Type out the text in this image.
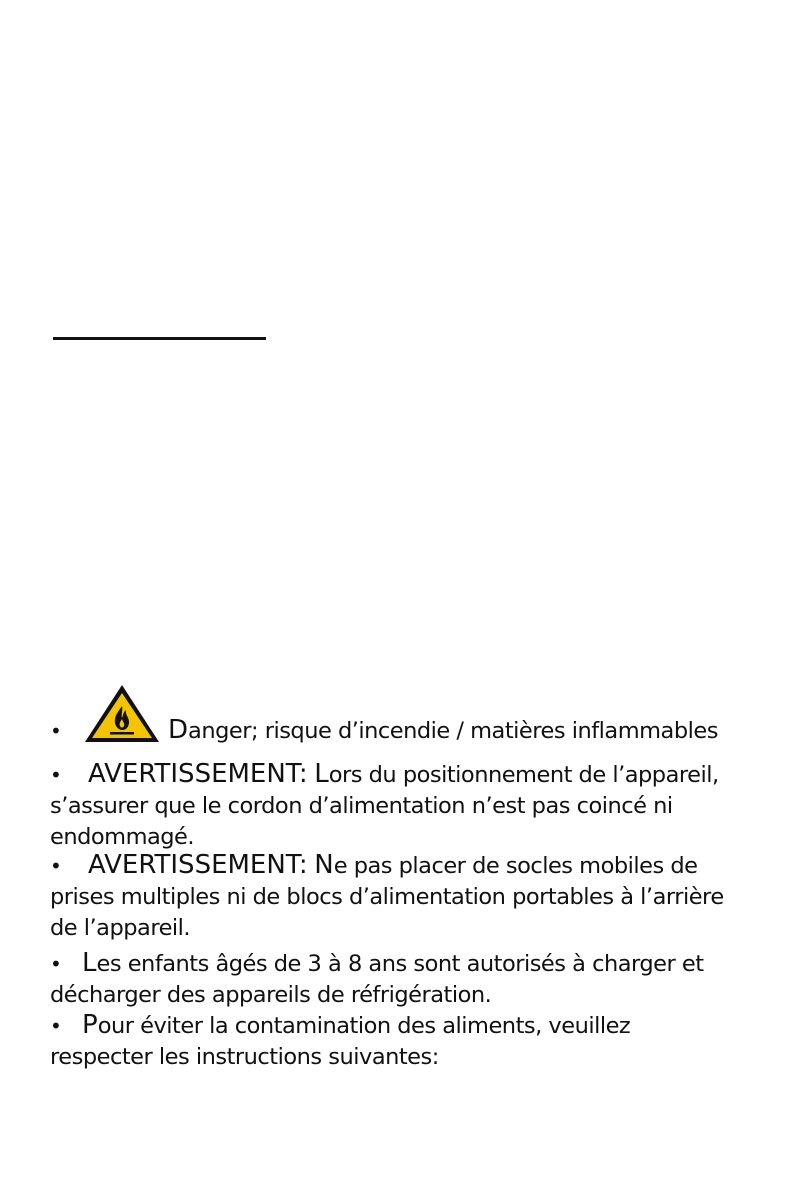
•	Danger; risque d’incendie / matières inflammables
• AVERTISSEMENT: Lors du positionnement de l’appareil,
s’assurer que le cordon d’alimentation n’est pas coincé ni
endommagé.
• AVERTISSEMENT: Ne pas placer de socles mobiles de
prises multiples ni de blocs d’alimentation portables à l’arrière
de l’appareil.
• Les enfants âgés de 3 à 8 ans sont autorisés à charger et
décharger des appareils de réfrigération.
• Pour éviter la contamination des aliments, veuillez
respecter les instructions suivantes:
